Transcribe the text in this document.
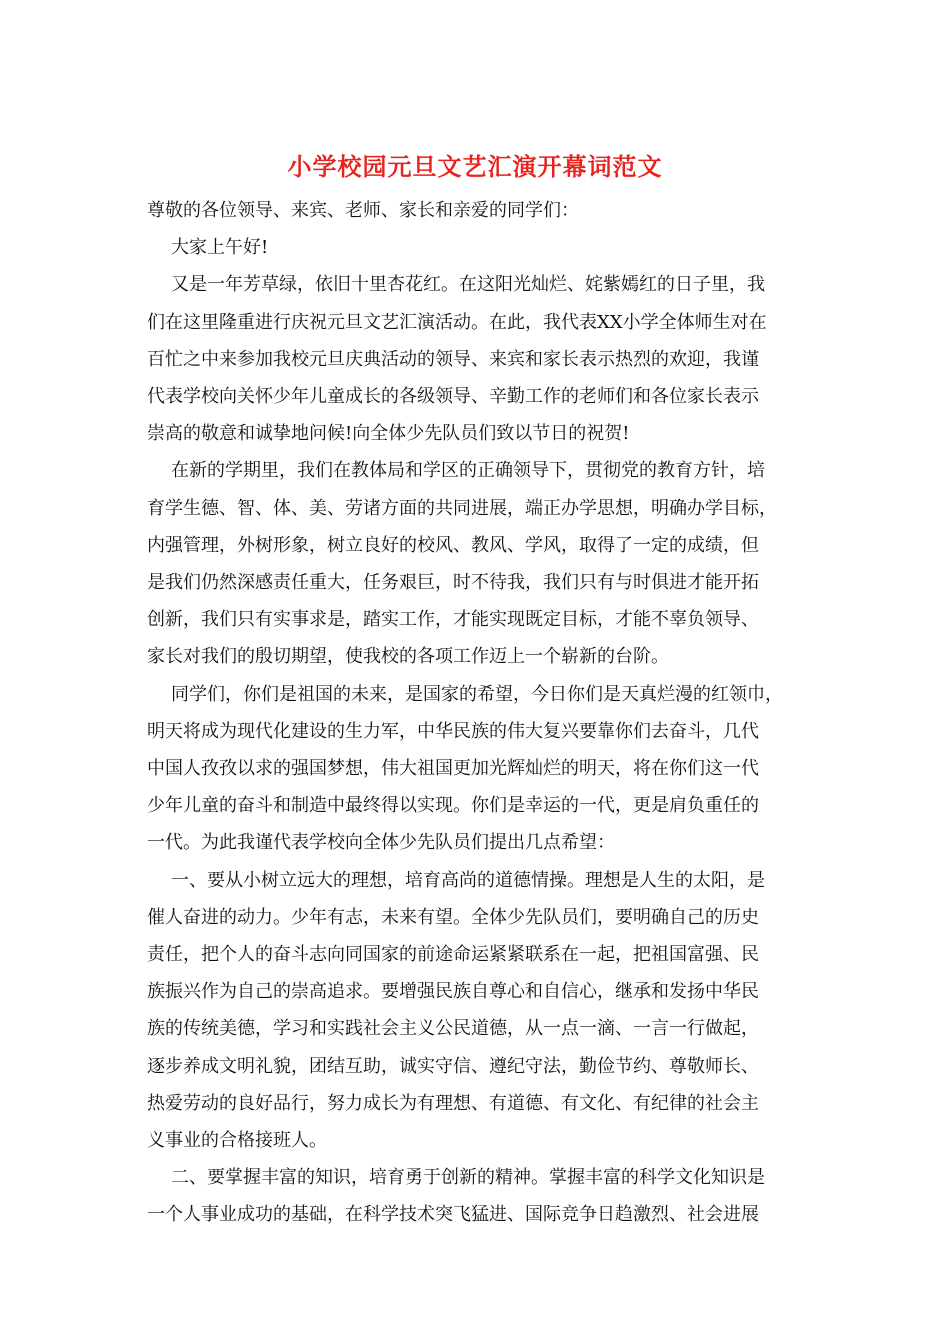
小学校园元旦文艺汇演开幕词范文
尊敬的各位领导、来宾、老师、家长和亲爱的同学们：
大家上午好!
又是一年芳草绿，依旧十里杏花红。在这阳光灿烂、姹紫嫣红的日子里，我
们在这里隆重进行庆祝元旦文艺汇演活动。在此，我代表XX小学全体师生对在
百忙之中来参加我校元旦庆典活动的领导、来宾和家长表示热烈的欢迎，我谨
代表学校向关怀少年儿童成长的各级领导、辛勤工作的老师们和各位家长表示
崇高的敬意和诚挚地问候!向全体少先队员们致以节日的祝贺!
在新的学期里，我们在教体局和学区的正确领导下，贯彻党的教育方针，培
育学生德、智、体、美、劳诸方面的共同进展，端正办学思想，明确办学目标，
内强管理，外树形象，树立良好的校风、教风、学风，取得了一定的成绩，但
是我们仍然深感责任重大，任务艰巨，时不待我，我们只有与时俱进才能开拓
创新，我们只有实事求是，踏实工作，才能实现既定目标，才能不辜负领导、
家长对我们的殷切期望，使我校的各项工作迈上一个崭新的台阶。
同学们，你们是祖国的未来，是国家的希望，今日你们是天真烂漫的红领巾，
明天将成为现代化建设的生力军，中华民族的伟大复兴要靠你们去奋斗，几代
中国人孜孜以求的强国梦想，伟大祖国更加光辉灿烂的明天，将在你们这一代
少年儿童的奋斗和制造中最终得以实现。你们是幸运的一代，更是肩负重任的
一代。为此我谨代表学校向全体少先队员们提出几点希望：
一、要从小树立远大的理想，培育高尚的道德情操。理想是人生的太阳，是
催人奋进的动力。少年有志，未来有望。全体少先队员们，要明确自己的历史
责任，把个人的奋斗志向同国家的前途命运紧紧联系在一起，把祖国富强、民
族振兴作为自己的崇高追求。要增强民族自尊心和自信心，继承和发扬中华民
族的传统美德，学习和实践社会主义公民道德，从一点一滴、一言一行做起，
逐步养成文明礼貌，团结互助，诚实守信、遵纪守法，勤俭节约、尊敬师长、
热爱劳动的良好品行，努力成长为有理想、有道德、有文化、有纪律的社会主
义事业的合格接班人。
二、要掌握丰富的知识，培育勇于创新的精神。掌握丰富的科学文化知识是
一个人事业成功的基础，在科学技术突飞猛进、国际竞争日趋激烈、社会进展
